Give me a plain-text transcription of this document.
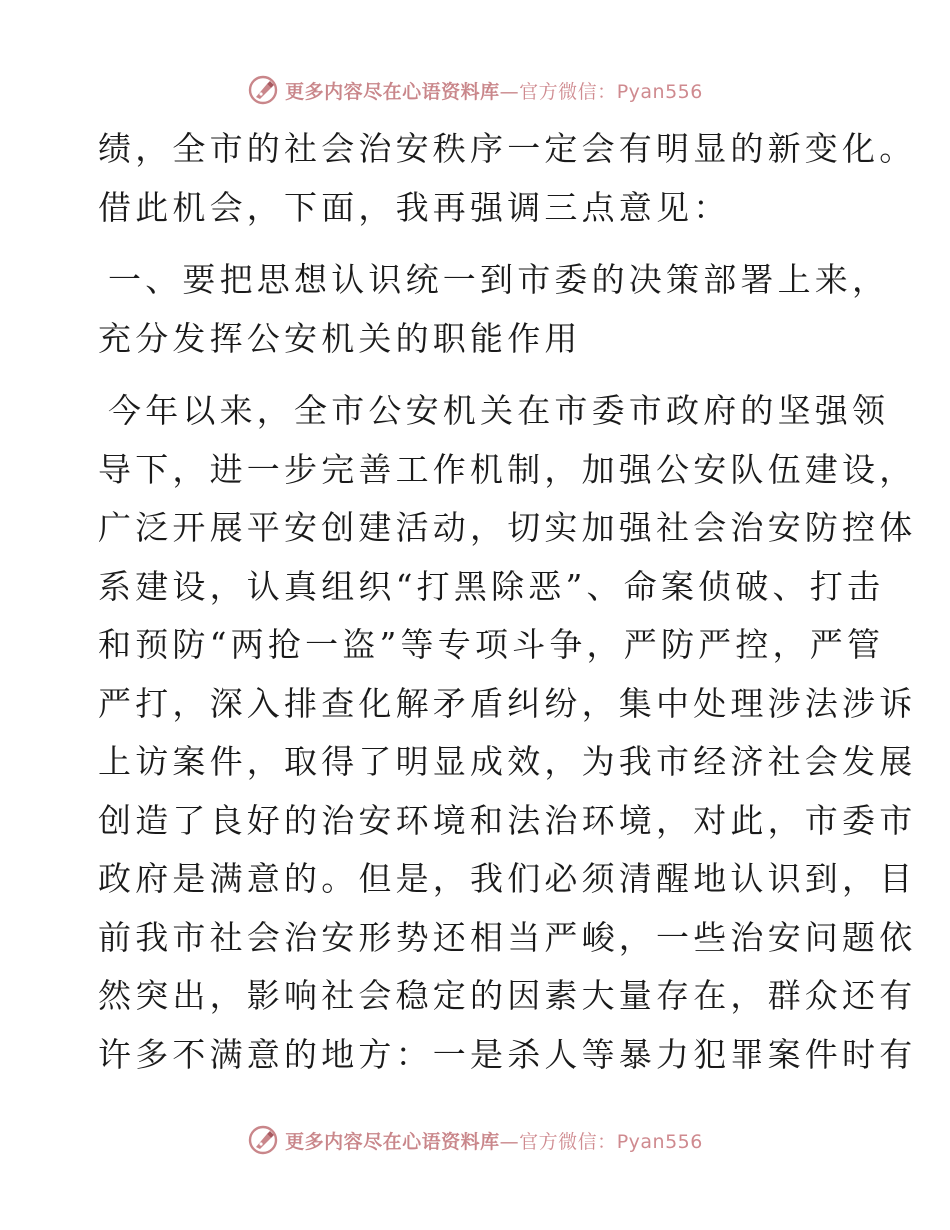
更多内容尽在心语资料库—官方微信：Pyan556
绩，全市的社会治安秩序一定会有明显的新变化。
借此机会，下面，我再强调三点意见：
一、要把思想认识统一到市委的决策部署上来，
充分发挥公安机关的职能作用
今年以来，全市公安机关在市委市政府的坚强领
导下，进一步完善工作机制，加强公安队伍建设，
广泛开展平安创建活动，切实加强社会治安防控体
系建设，认真组织“打黑除恶”、命案侦破、打击
和预防“两抢一盗”等专项斗争，严防严控，严管
严打，深入排查化解矛盾纠纷，集中处理涉法涉诉
上访案件，取得了明显成效，为我市经济社会发展
创造了良好的治安环境和法治环境，对此，市委市
政府是满意的。但是，我们必须清醒地认识到，目
前我市社会治安形势还相当严峻，一些治安问题依
然突出，影响社会稳定的因素大量存在，群众还有
许多不满意的地方：一是杀人等暴力犯罪案件时有
更多内容尽在心语资料库—官方微信：Pyan556
